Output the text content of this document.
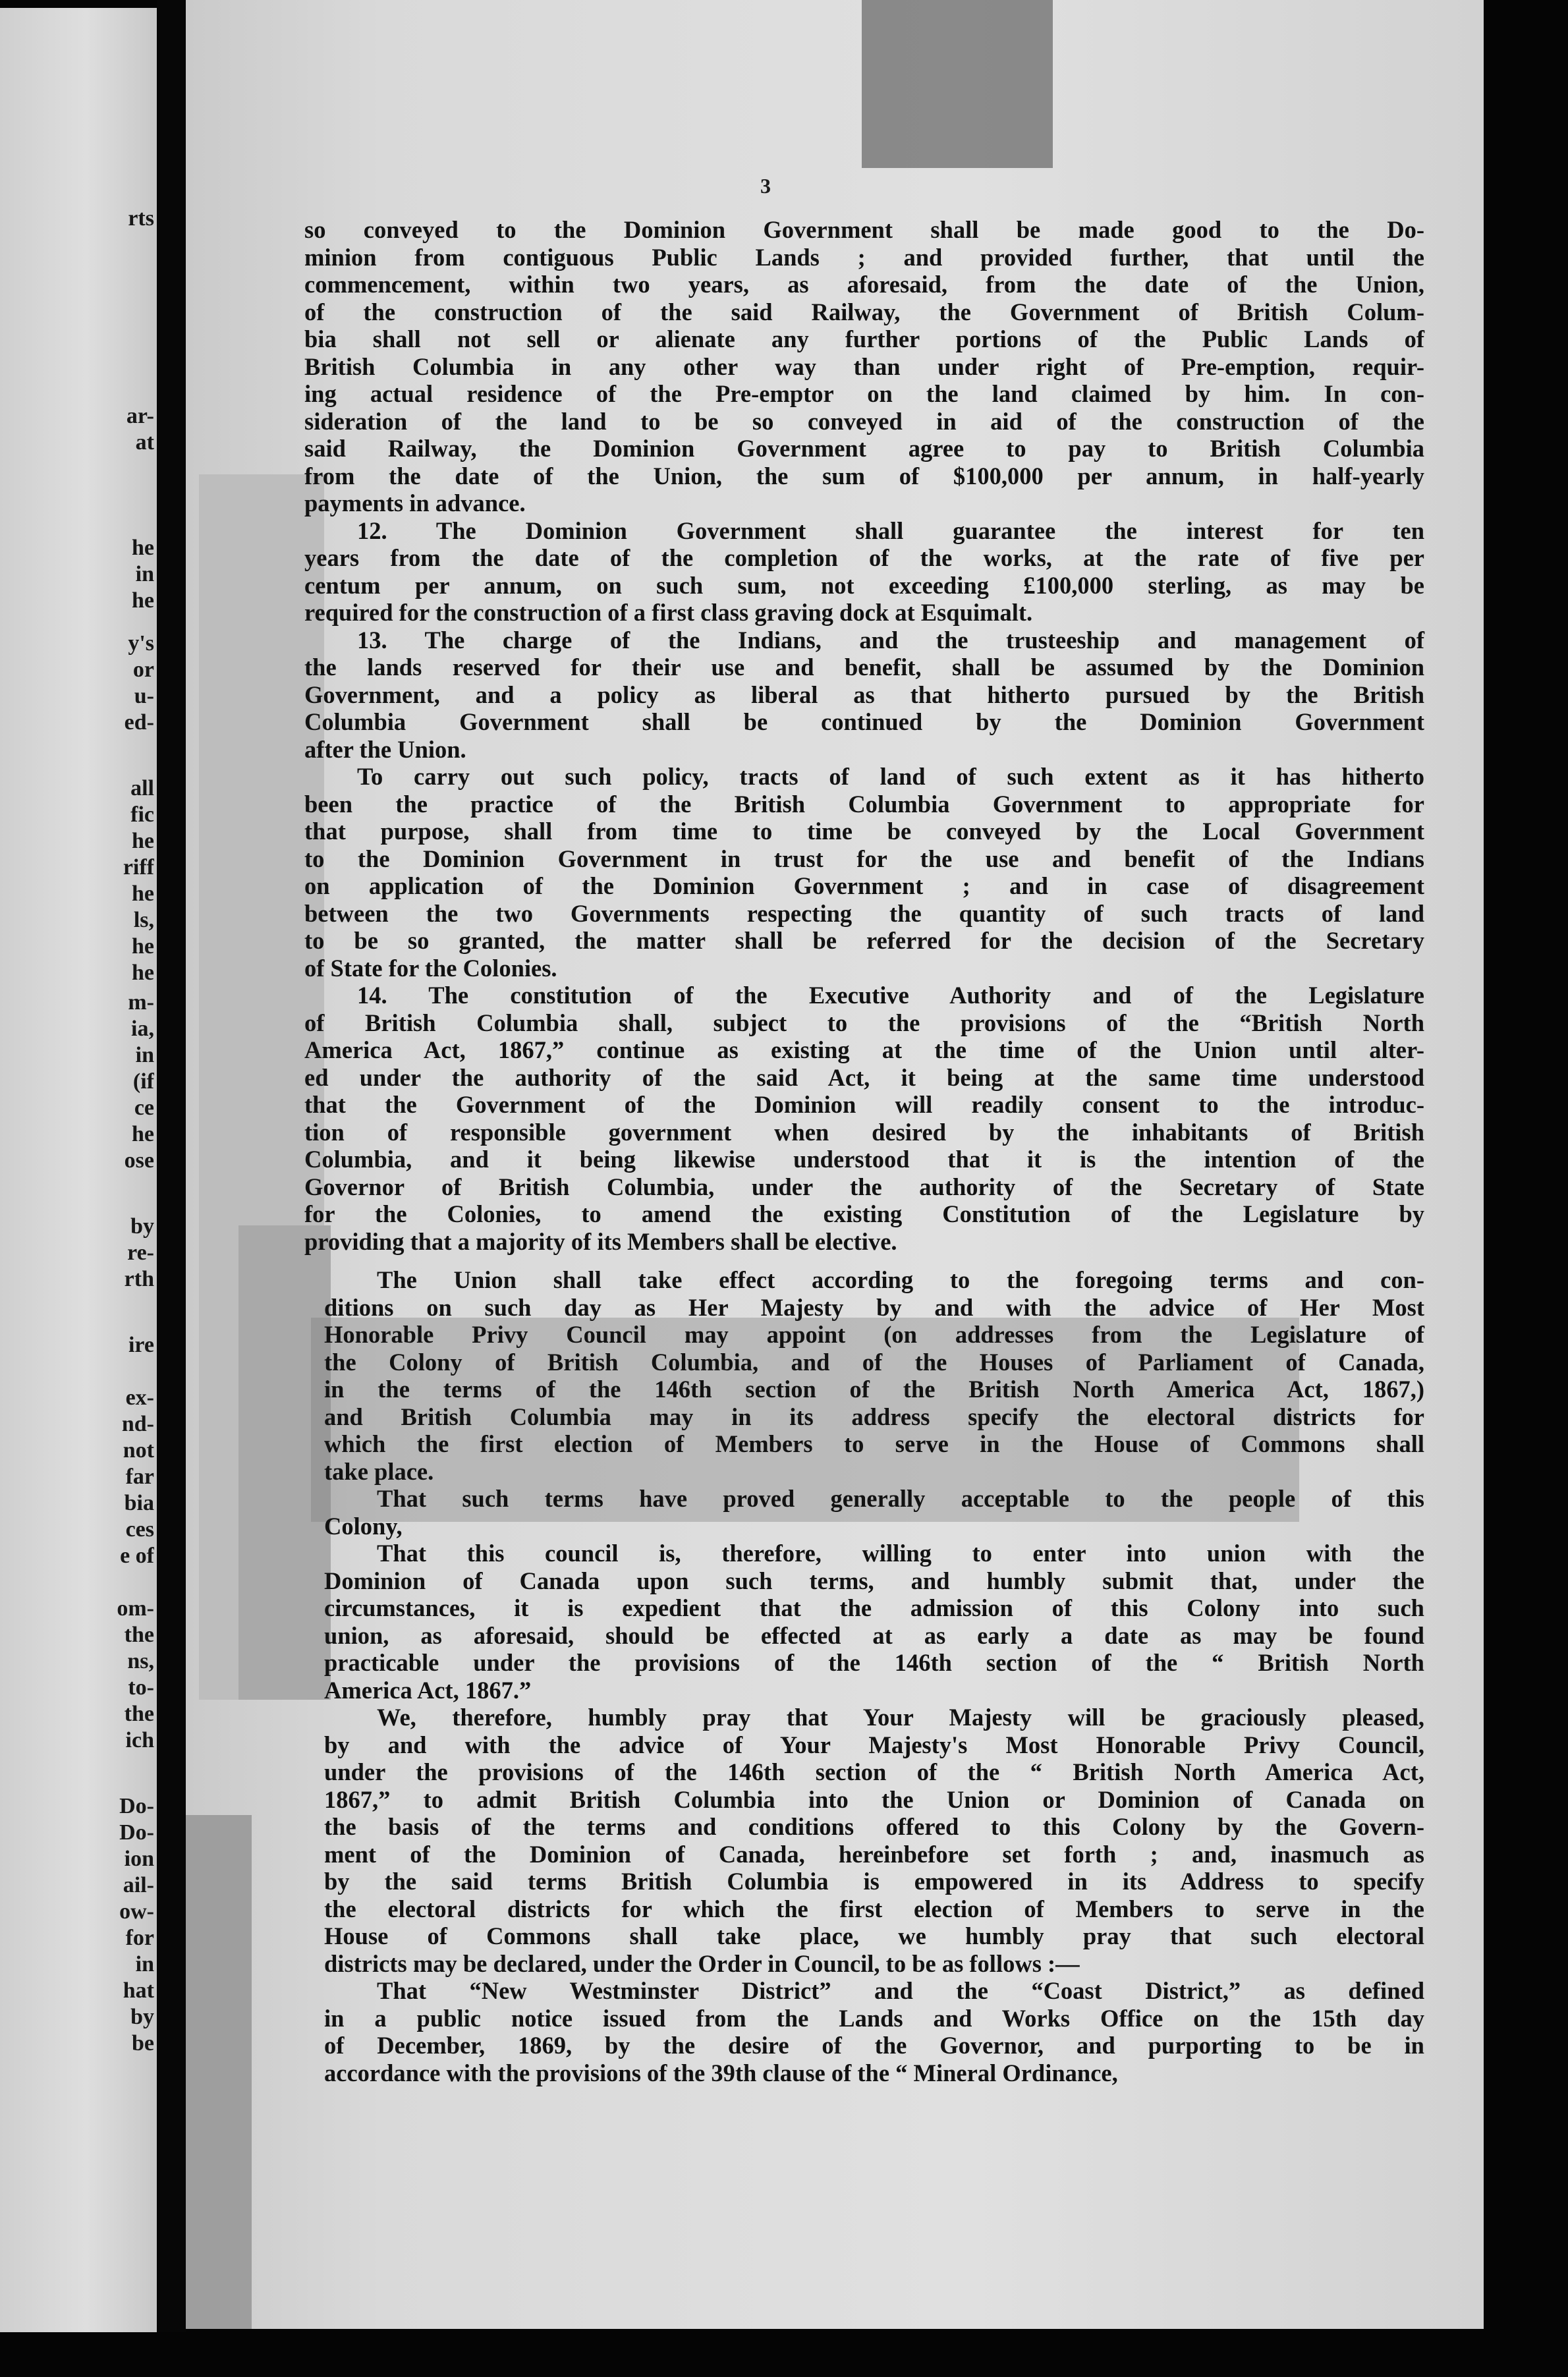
rts
ar-
at
he
in
he
y's
or
u-
ed-
all
fic
he
riff
he
ls,
he
he
m-
ia,
in
(if
ce
he
ose
by
re-
rth
ire
ex-
nd-
not
far
bia
ces
e of
om-
the
ns,
to-
the
ich
Do-
Do-
ion
ail-
ow-
for
in
hat
by
be
3
so conveyed to the Dominion Government shall be made good to the Do-
minion from contiguous Public Lands ; and provided further, that until the
commencement, within two years, as aforesaid, from the date of the Union,
of the construction of the said Railway, the Government of British Colum-
bia shall not sell or alienate any further portions of the Public Lands of
British Columbia in any other way than under right of Pre-emption, requir-
ing actual residence of the Pre-emptor on the land claimed by him. In con-
sideration of the land to be so conveyed in aid of the construction of the
said Railway, the Dominion Government agree to pay to British Columbia
from the date of the Union, the sum of $100,000 per annum, in half-yearly
payments in advance.
12. The Dominion Government shall guarantee the interest for ten
years from the date of the completion of the works, at the rate of five per
centum per annum, on such sum, not exceeding £100,000 sterling, as may be
required for the construction of a first class graving dock at Esquimalt.
13. The charge of the Indians, and the trusteeship and management of
the lands reserved for their use and benefit, shall be assumed by the Dominion
Government, and a policy as liberal as that hitherto pursued by the British
Columbia Government shall be continued by the Dominion Government
after the Union.
To carry out such policy, tracts of land of such extent as it has hitherto
been the practice of the British Columbia Government to appropriate for
that purpose, shall from time to time be conveyed by the Local Government
to the Dominion Government in trust for the use and benefit of the Indians
on application of the Dominion Government ; and in case of disagreement
between the two Governments respecting the quantity of such tracts of land
to be so granted, the matter shall be referred for the decision of the Secretary
of State for the Colonies.
14. The constitution of the Executive Authority and of the Legislature
of British Columbia shall, subject to the provisions of the “British North
America Act, 1867,” continue as existing at the time of the Union until alter-
ed under the authority of the said Act, it being at the same time understood
that the Government of the Dominion will readily consent to the introduc-
tion of responsible government when desired by the inhabitants of British
Columbia, and it being likewise understood that it is the intention of the
Governor of British Columbia, under the authority of the Secretary of State
for the Colonies, to amend the existing Constitution of the Legislature by
providing that a majority of its Members shall be elective.
The Union shall take effect according to the foregoing terms and con-
ditions on such day as Her Majesty by and with the advice of Her Most
Honorable Privy Council may appoint (on addresses from the Legislature of
the Colony of British Columbia, and of the Houses of Parliament of Canada,
in the terms of the 146th section of the British North America Act, 1867,)
and British Columbia may in its address specify the electoral districts for
which the first election of Members to serve in the House of Commons shall
take place.
That such terms have proved generally acceptable to the people of this
Colony,
That this council is, therefore, willing to enter into union with the
Dominion of Canada upon such terms, and humbly submit that, under the
circumstances, it is expedient that the admission of this Colony into such
union, as aforesaid, should be effected at as early a date as may be found
practicable under the provisions of the 146th section of the “ British North
America Act, 1867.”
We, therefore, humbly pray that Your Majesty will be graciously pleased,
by and with the advice of Your Majesty's Most Honorable Privy Council,
under the provisions of the 146th section of the “ British North America Act,
1867,” to admit British Columbia into the Union or Dominion of Canada on
the basis of the terms and conditions offered to this Colony by the Govern-
ment of the Dominion of Canada, hereinbefore set forth ; and, inasmuch as
by the said terms British Columbia is empowered in its Address to specify
the electoral districts for which the first election of Members to serve in the
House of Commons shall take place, we humbly pray that such electoral
districts may be declared, under the Order in Council, to be as follows :—
That “New Westminster District” and the “Coast District,” as defined
in a public notice issued from the Lands and Works Office on the 15th day
of December, 1869, by the desire of the Governor, and purporting to be in
accordance with the provisions of the 39th clause of the “ Mineral Ordinance,
